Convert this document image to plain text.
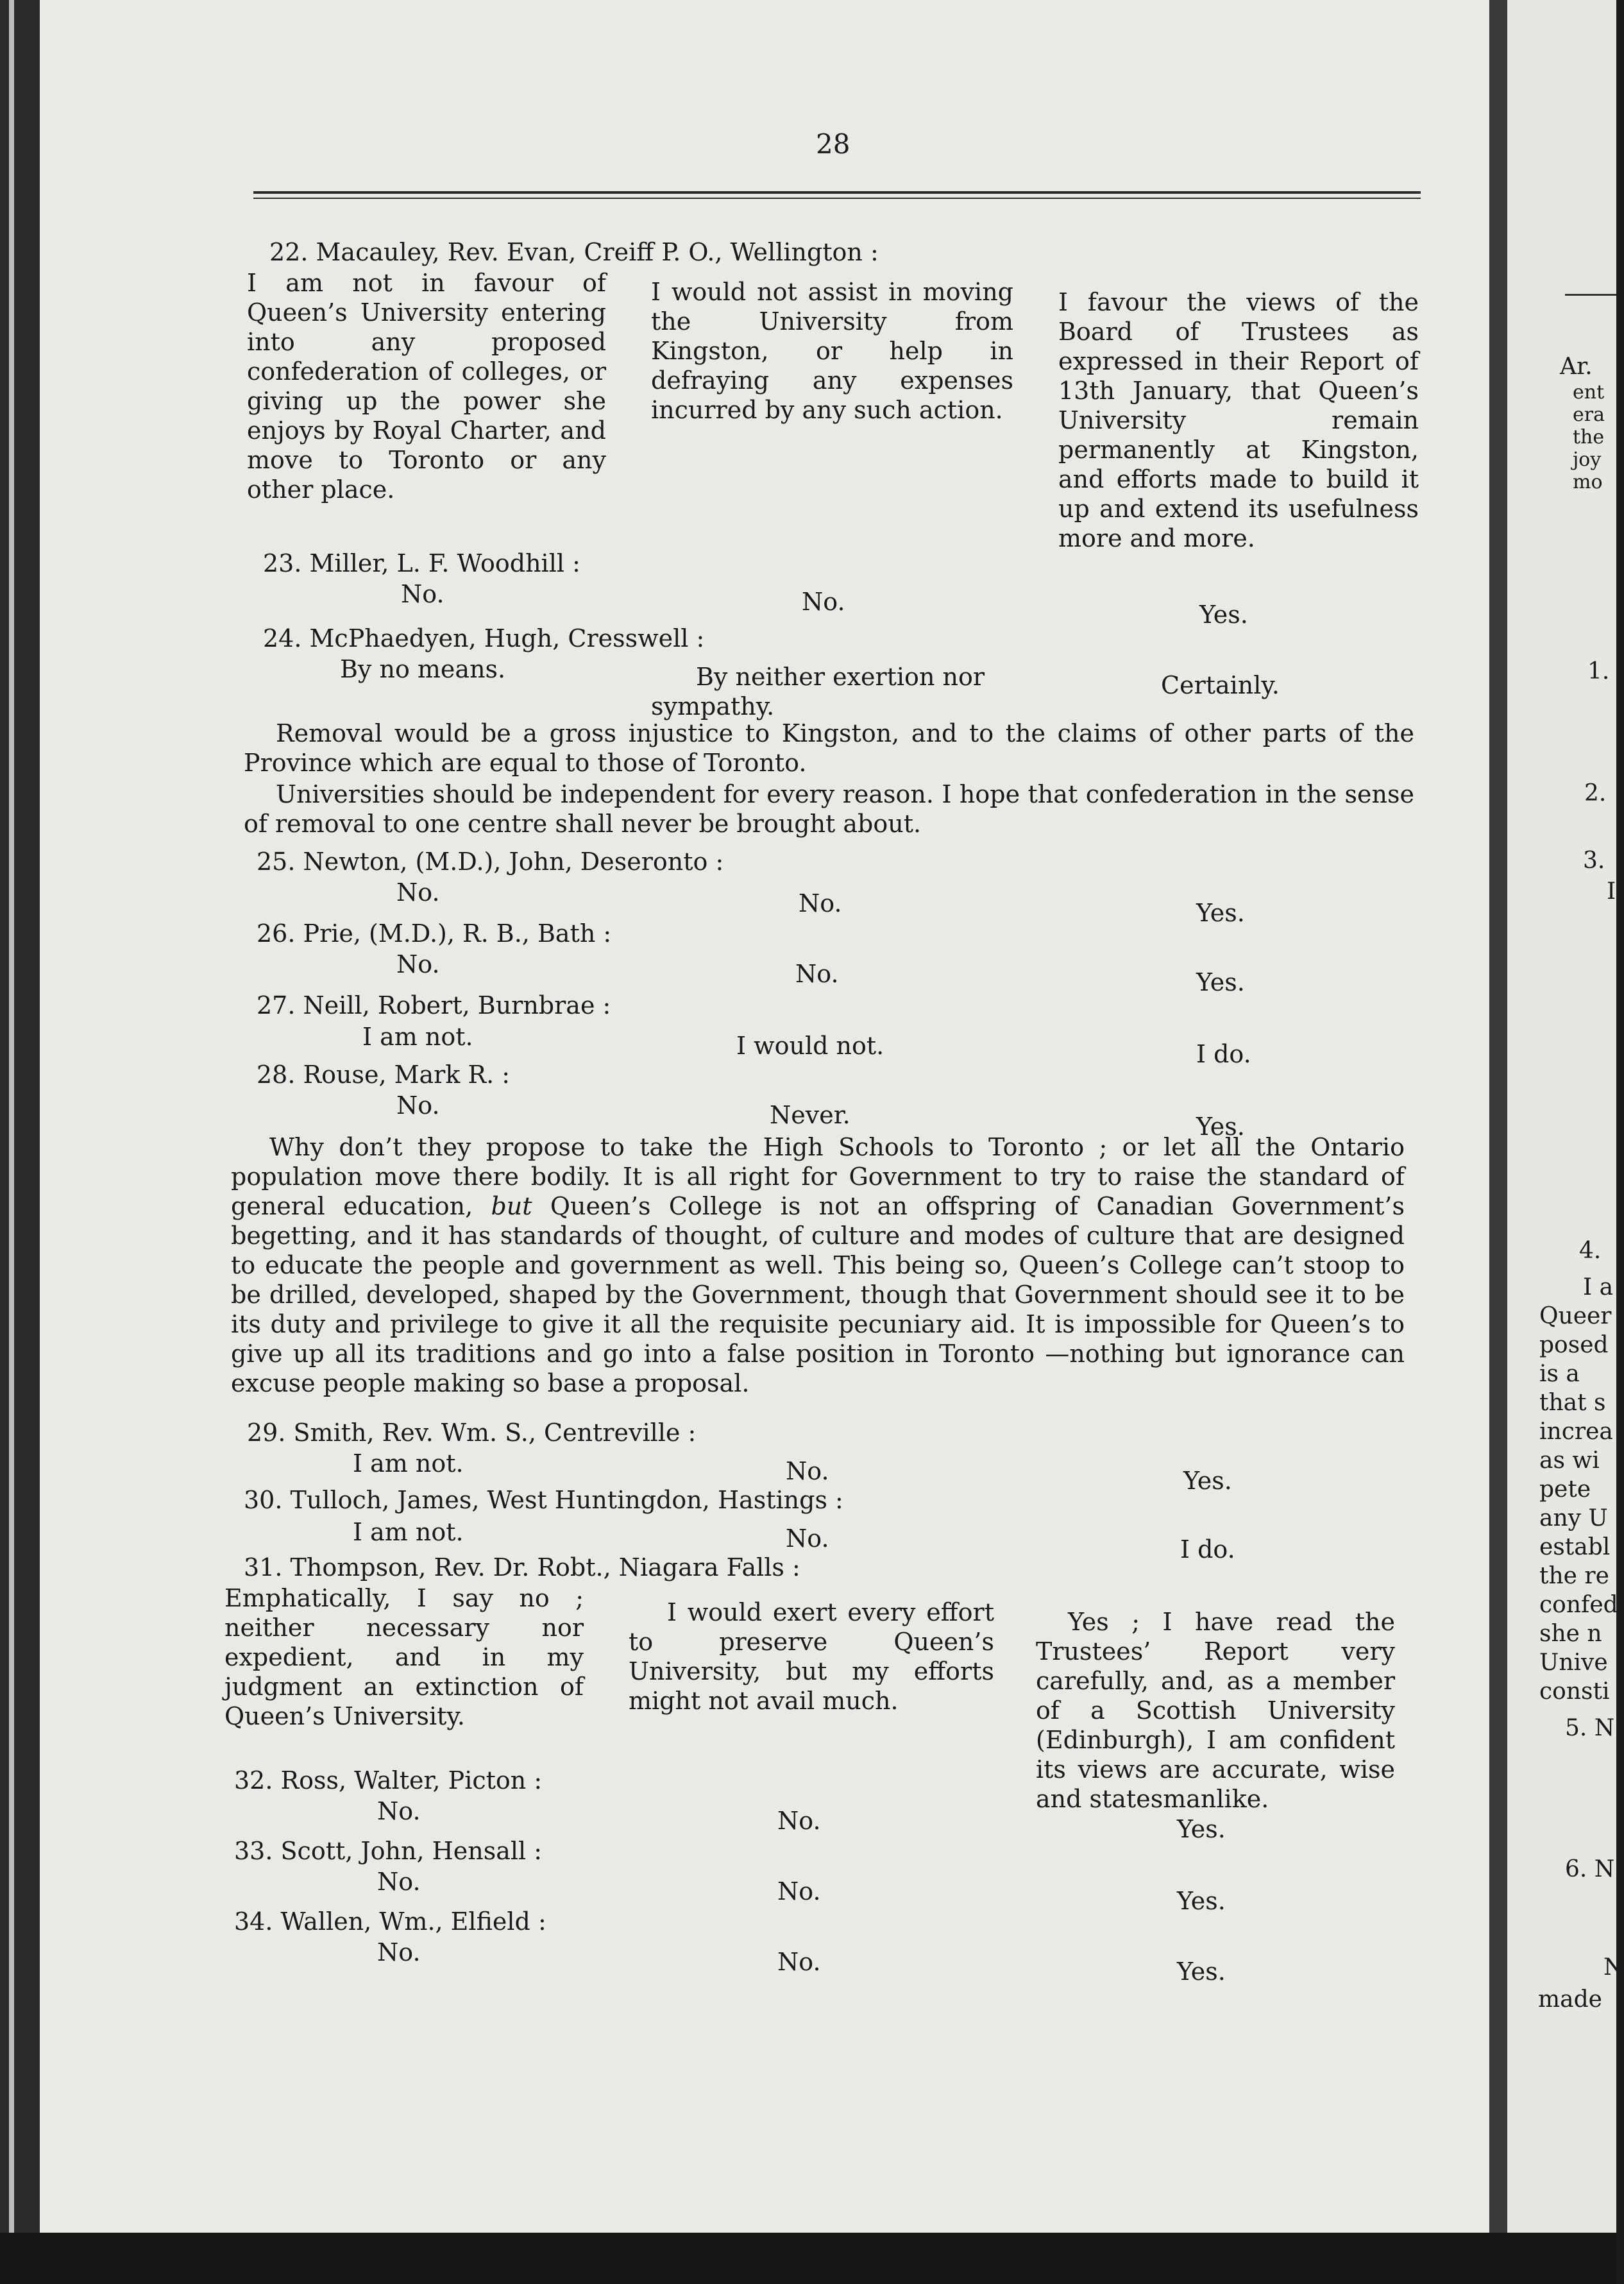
28
22. Macauley, Rev. Evan, Creiff P. O., Wellington :
I am not in favour of Queen’s University entering into any proposed confederation of colleges, or giving up the power she enjoys by Royal Charter, and move to Toronto or any other place.
I would not assist in moving the University from Kingston, or help in defraying any expenses incurred by any such action.
I favour the views of the Board of Trustees as expressed in their Report of 13th January, that Queen’s University remain permanently at Kingston, and efforts made to build it up and extend its usefulness more and more.
23. Miller, L. F. Woodhill :
No.	No.	Yes.
24. McPhaedyen, Hugh, Cresswell :
By no means.	By neither exertion nor sympathy.
Certainly.
Removal would be a gross injustice to Kingston, and to the claims of other parts of the Province which are equal to those of Toronto.
Universities should be independent for every reason. I hope that confederation in the sense of removal to one centre shall never be brought about.
25. Newton, (M.D.), John, Deseronto :
No.	No.	Yes.
26. Prie, (M.D.), R. B., Bath :
No.	No.	Yes.
27. Neill, Robert, Burnbrae :
I am not.	I would not.	I do.
28. Rouse, Mark R. :
No.	Never.	Yes.
Why don’t they propose to take the High Schools to Toronto ; or let all the Ontario population move there bodily. It is all right for Government to try to raise the standard of general education, but Queen’s College is not an offspring of Canadian Government’s begetting, and it has standards of thought, of culture and modes of culture that are designed to educate the people and government as well. This being so, Queen’s College can’t stoop to be drilled, developed, shaped by the Government, though that Government should see it to be its duty and privilege to give it all the requisite pecuniary aid. It is impossible for Queen’s to give up all its traditions and go into a false position in Toronto —nothing but ignorance can excuse people making so base a proposal.
29. Smith, Rev. Wm. S., Centreville :
I am not.	No.	Yes.
30. Tulloch, James, West Huntingdon, Hastings :
I am not.	No.	I do.
31. Thompson, Rev. Dr. Robt., Niagara Falls :
Emphatically, I say no ; neither necessary nor expedient, and in my judgment an extinction of Queen’s University.
I would exert every effort to preserve Queen’s University, but my efforts might not avail much.
Yes ; I have read the Trustees’ Report very carefully, and, as a member of a Scottish University (Edinburgh), I am confident its views are accurate, wise and statesmanlike.
32. Ross, Walter, Picton :
No.	No.	Yes.
33. Scott, John, Hensall :
No.	No.	Yes.
34. Wallen, Wm., Elfield :
No.	No.	Yes.
Ar.
ent
era
the
joy
mo
1.
2.
3.
I
4.
I a
Queer
posed
is a
that s
increa
as wi
pete
any U
establ
the re
confed
she n
Unive
consti
5. N
6. N
N
made
